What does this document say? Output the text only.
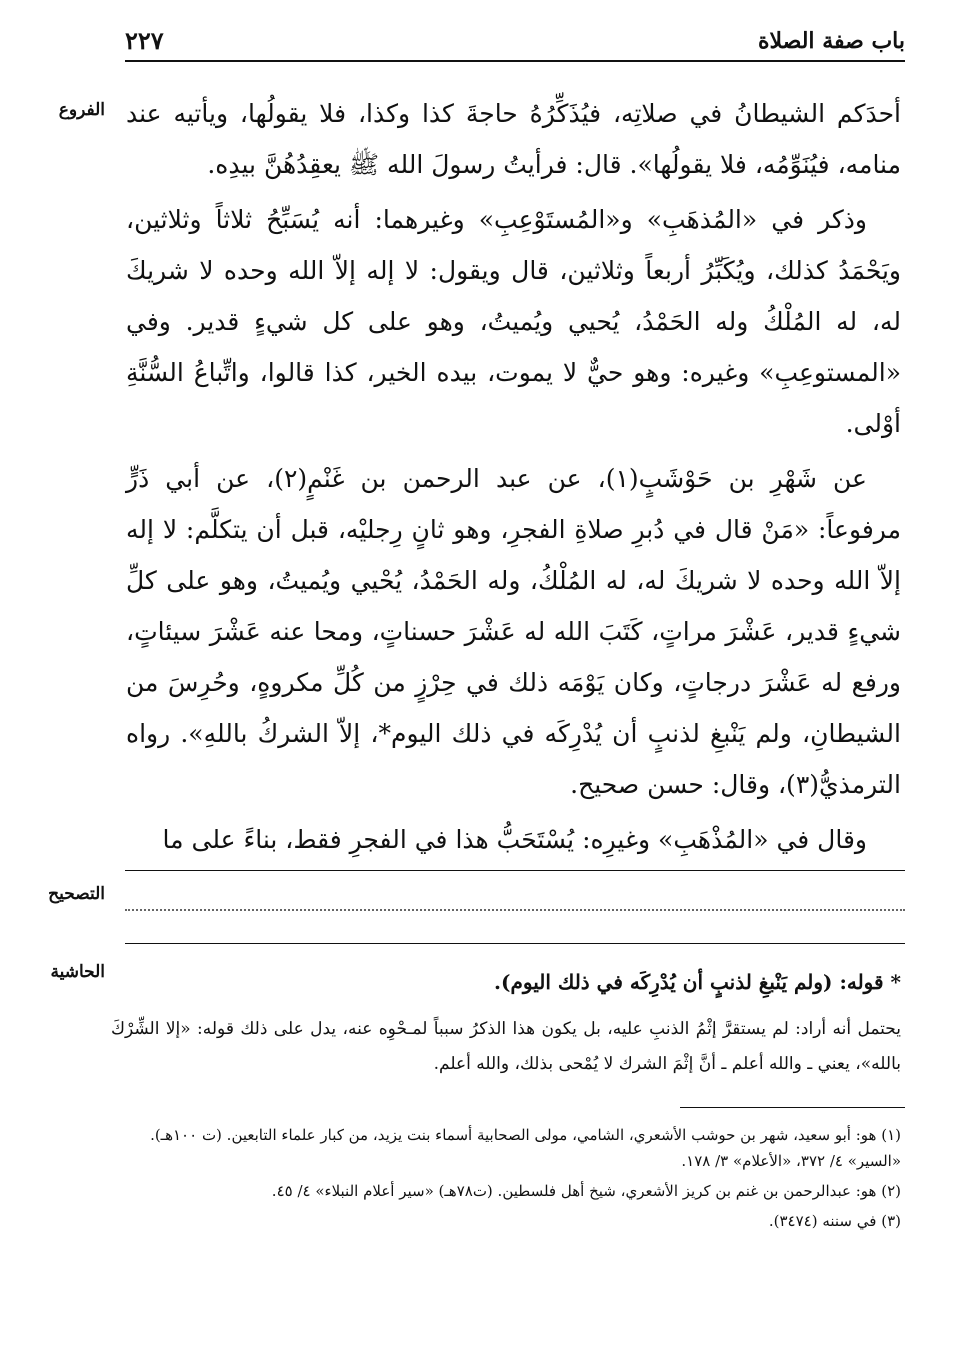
باب صفة الصلاة
٢٢٧
الفروع
التصحيح
الحاشية

أحدَكم الشيطانُ في صلاتِه، فيُذَكِّرُهُ حاجةَ كذا وكذا، فلا يقولُها، ويأتيه عند منامه، فيُنَوِّمُه، فلا يقولُها». قال: فرأيتُ رسولَ الله ﷺ يعقِدُهُنَّ بيدِه.

وذكر في «المُذهَبِ» و«المُستَوْعِبِ» وغيرهما: أنه يُسَبِّحُ ثلاثاً وثلاثين، ويَحْمَدُ كذلك، ويُكَبِّرُ أربعاً وثلاثين، قال ويقول: لا إله إلاّ الله وحده لا شريكَ له، له المُلْكُ وله الحَمْدُ، يُحيي ويُميتُ، وهو على كل شيءٍ قدير. وفي «المستوعِبِ» وغيره: وهو حيٌّ لا يموت، بيده الخير، كذا قالوا، واتِّباعُ السُّنَّةِ أوْلى.

عن شَهْرِ بن حَوْشَبٍ(١)، عن عبد الرحمن بن غَنْمٍ(٢)، عن أبي ذَرٍّ مرفوعاً: «مَنْ قال في دُبرِ صلاةِ الفجرِ، وهو ثانٍ رِجليْه، قبل أن يتكلَّم: لا إله إلاّ الله وحده لا شريكَ له، له المُلْكُ، وله الحَمْدُ، يُحْيي ويُميتُ، وهو على كلِّ شيءٍ قدير، عَشْرَ مراتٍ، كَتَبَ الله له عَشْرَ حسناتٍ، ومحا عنه عَشْرَ سيئاتٍ، ورفع له عَشْرَ درجاتٍ، وكان يَوْمَه ذلك في حِرْزٍ من كُلِّ مكروهٍ، وحُرِسَ من الشيطانِ، ولم يَنْبغِ لذنبٍ أن يُدْرِكَه في ذلك اليوم*، إلاّ الشركُ باللهِ». رواه الترمذيُّ(٣)، وقال: حسن صحيح.

وقال في «المُذْهَبِ» وغيرِه: يُسْتَحَبُّ هذا في الفجرِ فقط، بناءً على ما

* قوله: (ولم يَنْبغِ لذنبٍ أن يُدْرِكَه في ذلك اليوم).

يحتمل أنه أراد: لم يستقرَّ إثْمُ الذنبِ عليه، بل يكون هذا الذكرُ سبباً لمـحْوِه عنه، يدل على ذلك قوله: «إلا الشِّرْكَ بالله»، يعني ـ والله أعلم ـ أنَّ إثْمَ الشرك لا يُمْحى بذلك، والله أعلم.

(١) هو: أبو سعيد، شهر بن حوشب الأشعري، الشامي، مولى الصحابية أسماء بنت يزيد، من كبار علماء التابعين. (ت ١٠٠هـ). «السير» ٤/ ٣٧٢، «الأعلام» ٣/ ١٧٨.

(٢) هو: عبدالرحمن بن غنم بن كريز الأشعري، شيخ أهل فلسطين. (ت٧٨هـ) «سير أعلام النبلاء» ٤/ ٤٥.

(٣) في سننه (٣٤٧٤).
